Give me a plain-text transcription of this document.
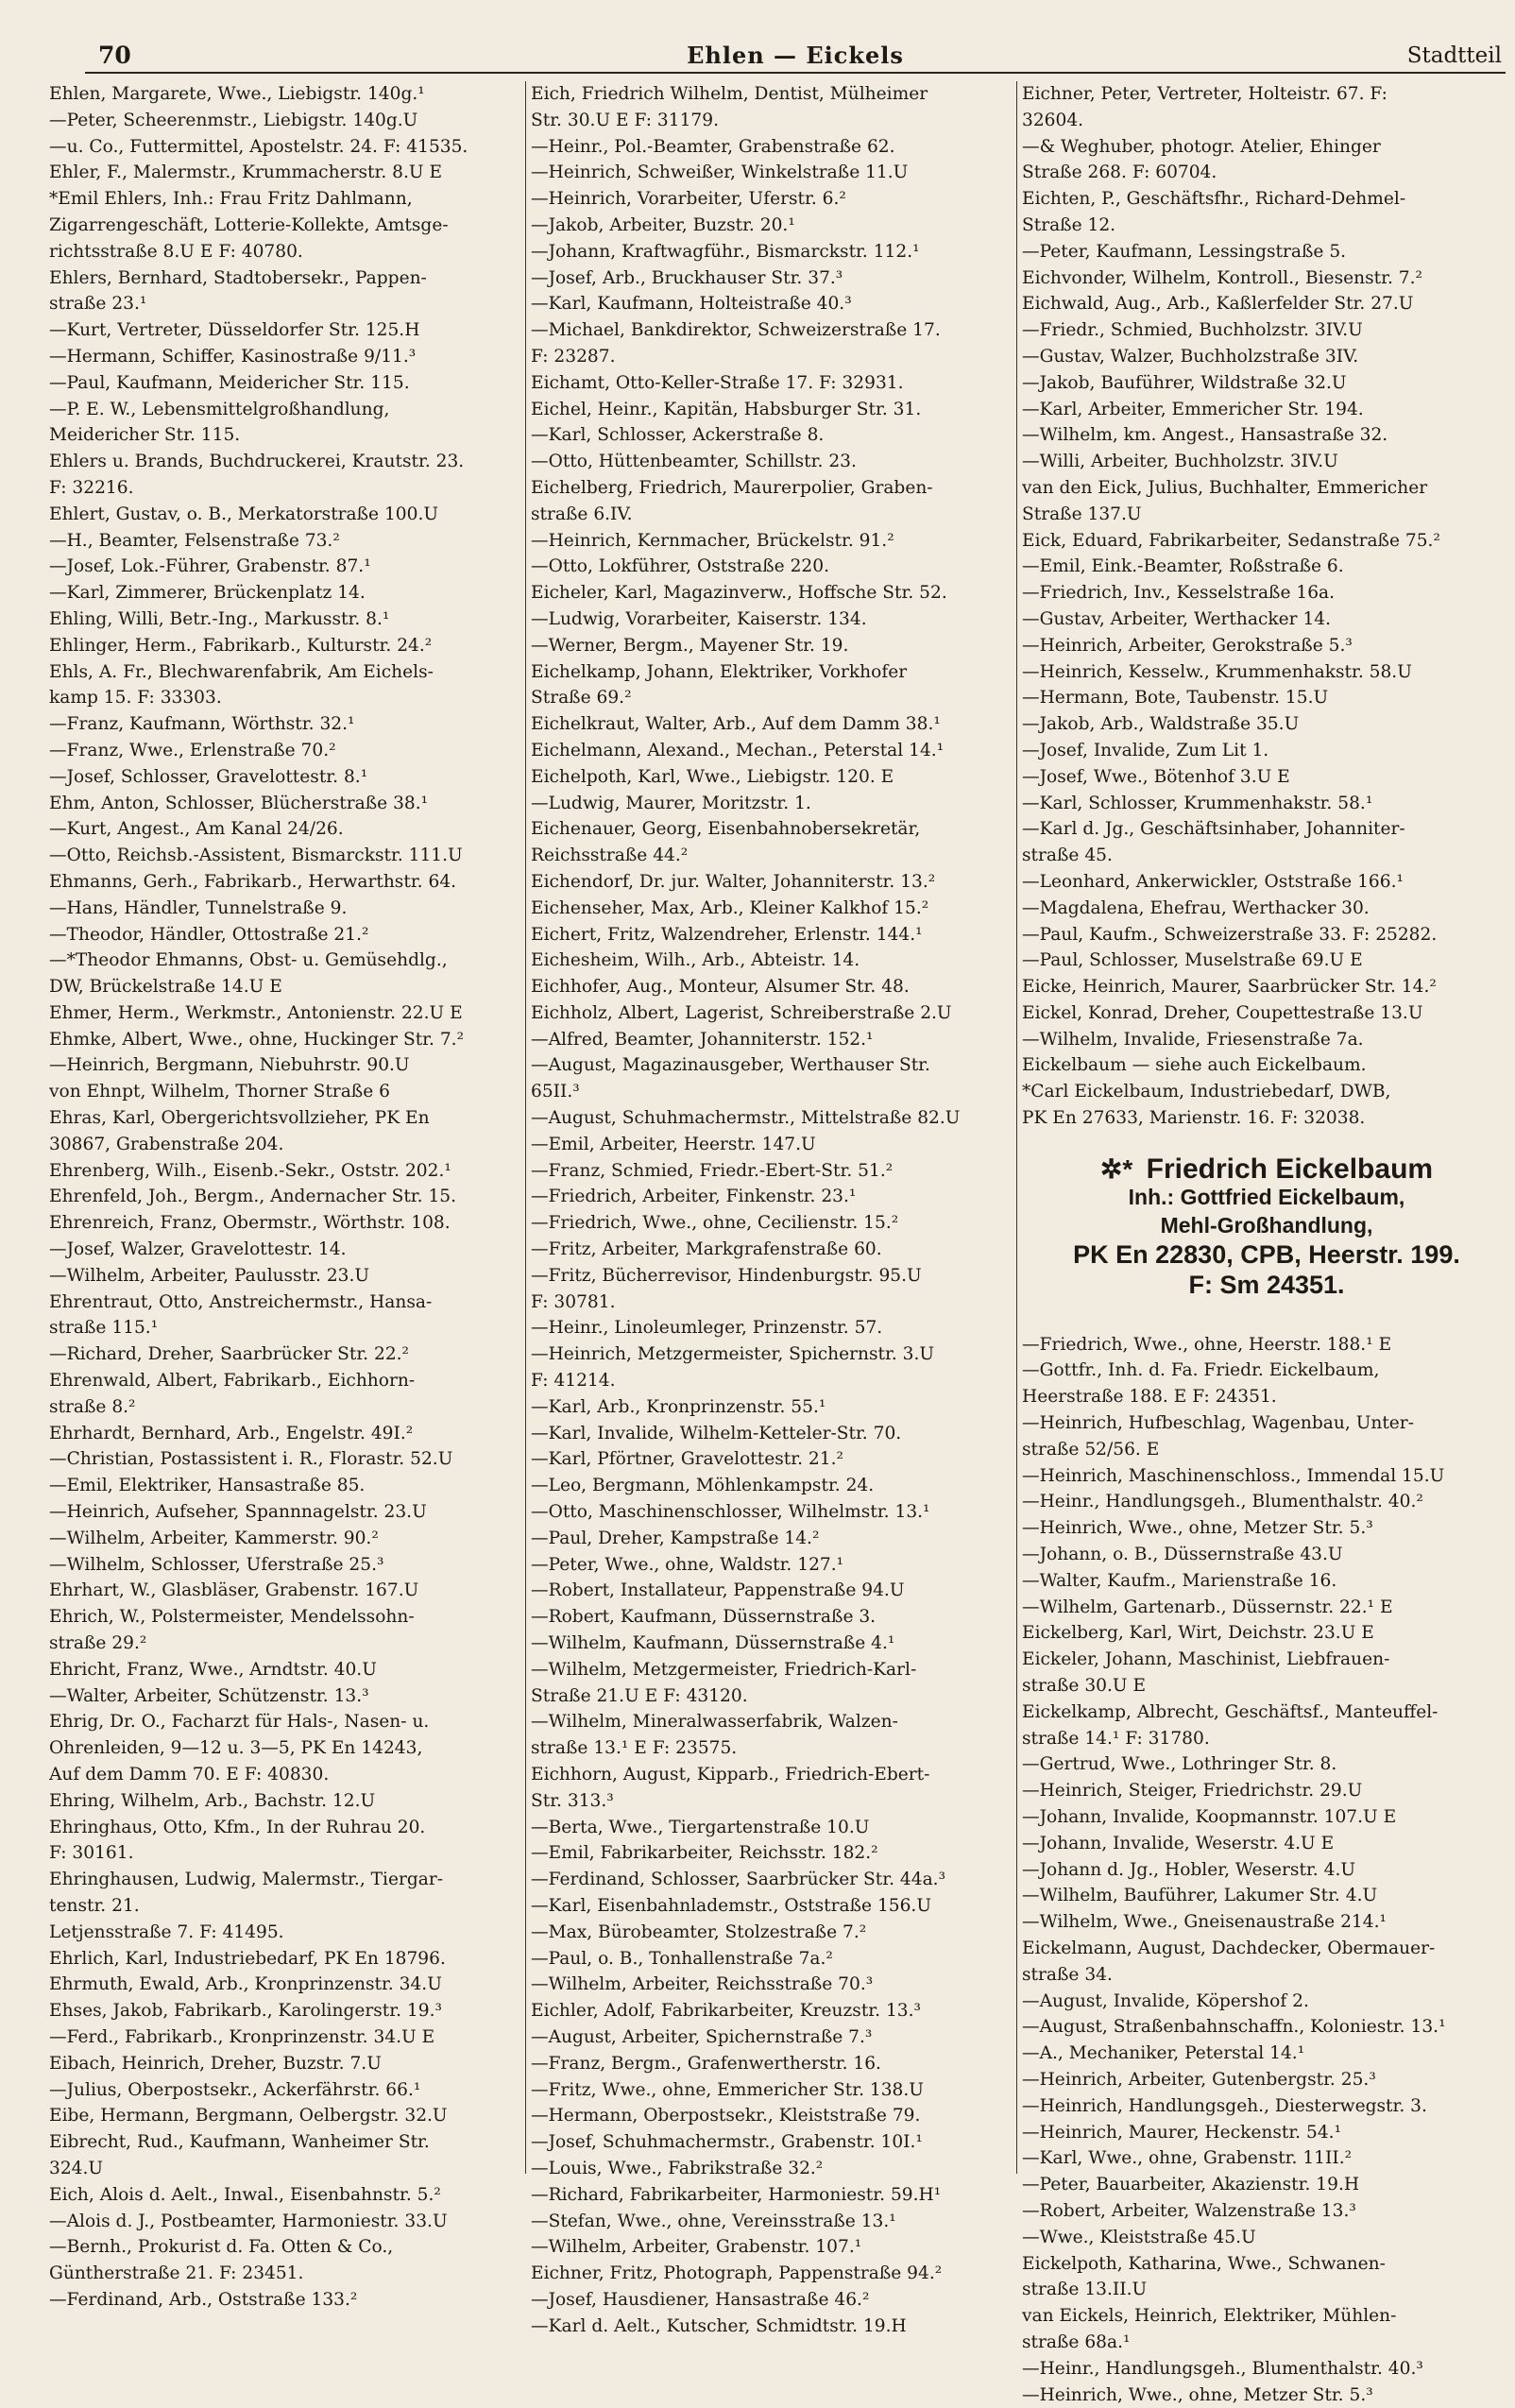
70	Ehlen — Eickels	Stadtteil
Ehlen, Margarete, Wwe., Liebigstr. 140g.¹
—Peter, Scheerenmstr., Liebigstr. 140g.U
—u. Co., Futtermittel, Apostelstr. 24. F: 41535.
Ehler, F., Malermstr., Krummacherstr. 8.U E
*Emil Ehlers, Inh.: Frau Fritz Dahlmann,
Zigarrengeschäft, Lotterie-Kollekte, Amtsge-
richtsstraße 8.U E F: 40780.
Ehlers, Bernhard, Stadtobersekr., Pappen-
straße 23.¹
—Kurt, Vertreter, Düsseldorfer Str. 125.H
—Hermann, Schiffer, Kasinostraße 9/11.³
—Paul, Kaufmann, Meidericher Str. 115.
—P. E. W., Lebensmittelgroßhandlung,
Meidericher Str. 115.
Ehlers u. Brands, Buchdruckerei, Krautstr. 23.
F: 32216.
Ehlert, Gustav, o. B., Merkatorstraße 100.U
—H., Beamter, Felsenstraße 73.²
—Josef, Lok.-Führer, Grabenstr. 87.¹
—Karl, Zimmerer, Brückenplatz 14.
Ehling, Willi, Betr.-Ing., Markusstr. 8.¹
Ehlinger, Herm., Fabrikarb., Kulturstr. 24.²
Ehls, A. Fr., Blechwarenfabrik, Am Eichels-
kamp 15. F: 33303.
—Franz, Kaufmann, Wörthstr. 32.¹
—Franz, Wwe., Erlenstraße 70.²
—Josef, Schlosser, Gravelottestr. 8.¹
Ehm, Anton, Schlosser, Blücherstraße 38.¹
—Kurt, Angest., Am Kanal 24/26.
—Otto, Reichsb.-Assistent, Bismarckstr. 111.U
Ehmanns, Gerh., Fabrikarb., Herwarthstr. 64.
—Hans, Händler, Tunnelstraße 9.
—Theodor, Händler, Ottostraße 21.²
—*Theodor Ehmanns, Obst- u. Gemüsehdlg.,
DW, Brückelstraße 14.U E
Ehmer, Herm., Werkmstr., Antonienstr. 22.U E
Ehmke, Albert, Wwe., ohne, Huckinger Str. 7.²
—Heinrich, Bergmann, Niebuhrstr. 90.U
von Ehnpt, Wilhelm, Thorner Straße 6
Ehras, Karl, Obergerichtsvollzieher, PK En
30867, Grabenstraße 204.
Ehrenberg, Wilh., Eisenb.-Sekr., Oststr. 202.¹
Ehrenfeld, Joh., Bergm., Andernacher Str. 15.
Ehrenreich, Franz, Obermstr., Wörthstr. 108.
—Josef, Walzer, Gravelottestr. 14.
—Wilhelm, Arbeiter, Paulusstr. 23.U
Ehrentraut, Otto, Anstreichermstr., Hansa-
straße 115.¹
—Richard, Dreher, Saarbrücker Str. 22.²
Ehrenwald, Albert, Fabrikarb., Eichhorn-
straße 8.²
Ehrhardt, Bernhard, Arb., Engelstr. 49I.²
—Christian, Postassistent i. R., Florastr. 52.U
—Emil, Elektriker, Hansastraße 85.
—Heinrich, Aufseher, Spannnagelstr. 23.U
—Wilhelm, Arbeiter, Kammerstr. 90.²
—Wilhelm, Schlosser, Uferstraße 25.³
Ehrhart, W., Glasbläser, Grabenstr. 167.U
Ehrich, W., Polstermeister, Mendelssohn-
straße 29.²
Ehricht, Franz, Wwe., Arndtstr. 40.U
—Walter, Arbeiter, Schützenstr. 13.³
Ehrig, Dr. O., Facharzt für Hals-, Nasen- u.
Ohrenleiden, 9—12 u. 3—5, PK En 14243,
Auf dem Damm 70. E F: 40830.
Ehring, Wilhelm, Arb., Bachstr. 12.U
Ehringhaus, Otto, Kfm., In der Ruhrau 20.
F: 30161.
Ehringhausen, Ludwig, Malermstr., Tiergar-
tenstr. 21.
Letjensstraße 7. F: 41495.
Ehrlich, Karl, Industriebedarf, PK En 18796.
Ehrmuth, Ewald, Arb., Kronprinzenstr. 34.U
Ehses, Jakob, Fabrikarb., Karolingerstr. 19.³
—Ferd., Fabrikarb., Kronprinzenstr. 34.U E
Eibach, Heinrich, Dreher, Buzstr. 7.U
—Julius, Oberpostsekr., Ackerfährstr. 66.¹
Eibe, Hermann, Bergmann, Oelbergstr. 32.U
Eibrecht, Rud., Kaufmann, Wanheimer Str.
324.U
Eich, Alois d. Aelt., Inwal., Eisenbahnstr. 5.²
—Alois d. J., Postbeamter, Harmoniestr. 33.U
—Bernh., Prokurist d. Fa. Otten & Co.,
Güntherstraße 21. F: 23451.
—Ferdinand, Arb., Oststraße 133.²
Eich, Friedrich Wilhelm, Dentist, Mülheimer
Str. 30.U E F: 31179.
—Heinr., Pol.-Beamter, Grabenstraße 62.
—Heinrich, Schweißer, Winkelstraße 11.U
—Heinrich, Vorarbeiter, Uferstr. 6.²
—Jakob, Arbeiter, Buzstr. 20.¹
—Johann, Kraftwagführ., Bismarckstr. 112.¹
—Josef, Arb., Bruckhauser Str. 37.³
—Karl, Kaufmann, Holteistraße 40.³
—Michael, Bankdirektor, Schweizerstraße 17.
F: 23287.
Eichamt, Otto-Keller-Straße 17. F: 32931.
Eichel, Heinr., Kapitän, Habsburger Str. 31.
—Karl, Schlosser, Ackerstraße 8.
—Otto, Hüttenbeamter, Schillstr. 23.
Eichelberg, Friedrich, Maurerpolier, Graben-
straße 6.IV.
—Heinrich, Kernmacher, Brückelstr. 91.²
—Otto, Lokführer, Oststraße 220.
Eicheler, Karl, Magazinverw., Hoffsche Str. 52.
—Ludwig, Vorarbeiter, Kaiserstr. 134.
—Werner, Bergm., Mayener Str. 19.
Eichelkamp, Johann, Elektriker, Vorkhofer
Straße 69.²
Eichelkraut, Walter, Arb., Auf dem Damm 38.¹
Eichelmann, Alexand., Mechan., Peterstal 14.¹
Eichelpoth, Karl, Wwe., Liebigstr. 120. E
—Ludwig, Maurer, Moritzstr. 1.
Eichenauer, Georg, Eisenbahnobersekretär,
Reichsstraße 44.²
Eichendorf, Dr. jur. Walter, Johanniterstr. 13.²
Eichenseher, Max, Arb., Kleiner Kalkhof 15.²
Eichert, Fritz, Walzendreher, Erlenstr. 144.¹
Eichesheim, Wilh., Arb., Abteistr. 14.
Eichhofer, Aug., Monteur, Alsumer Str. 48.
Eichholz, Albert, Lagerist, Schreiberstraße 2.U
—Alfred, Beamter, Johanniterstr. 152.¹
—August, Magazinausgeber, Werthauser Str.
65II.³
—August, Schuhmachermstr., Mittelstraße 82.U
—Emil, Arbeiter, Heerstr. 147.U
—Franz, Schmied, Friedr.-Ebert-Str. 51.²
—Friedrich, Arbeiter, Finkenstr. 23.¹
—Friedrich, Wwe., ohne, Cecilienstr. 15.²
—Fritz, Arbeiter, Markgrafenstraße 60.
—Fritz, Bücherrevisor, Hindenburgstr. 95.U
F: 30781.
—Heinr., Linoleumleger, Prinzenstr. 57.
—Heinrich, Metzgermeister, Spichernstr. 3.U
F: 41214.
—Karl, Arb., Kronprinzenstr. 55.¹
—Karl, Invalide, Wilhelm-Ketteler-Str. 70.
—Karl, Pförtner, Gravelottestr. 21.²
—Leo, Bergmann, Möhlenkampstr. 24.
—Otto, Maschinenschlosser, Wilhelmstr. 13.¹
—Paul, Dreher, Kampstraße 14.²
—Peter, Wwe., ohne, Waldstr. 127.¹
—Robert, Installateur, Pappenstraße 94.U
—Robert, Kaufmann, Düssernstraße 3.
—Wilhelm, Kaufmann, Düssernstraße 4.¹
—Wilhelm, Metzgermeister, Friedrich-Karl-
Straße 21.U E F: 43120.
—Wilhelm, Mineralwasserfabrik, Walzen-
straße 13.¹ E F: 23575.
Eichhorn, August, Kipparb., Friedrich-Ebert-
Str. 313.³
—Berta, Wwe., Tiergartenstraße 10.U
—Emil, Fabrikarbeiter, Reichsstr. 182.²
—Ferdinand, Schlosser, Saarbrücker Str. 44a.³
—Karl, Eisenbahnlademstr., Oststraße 156.U
—Max, Bürobeamter, Stolzestraße 7.²
—Paul, o. B., Tonhallenstraße 7a.²
—Wilhelm, Arbeiter, Reichsstraße 70.³
Eichler, Adolf, Fabrikarbeiter, Kreuzstr. 13.³
—August, Arbeiter, Spichernstraße 7.³
—Franz, Bergm., Grafenwertherstr. 16.
—Fritz, Wwe., ohne, Emmericher Str. 138.U
—Hermann, Oberpostsekr., Kleiststraße 79.
—Josef, Schuhmachermstr., Grabenstr. 10I.¹
—Louis, Wwe., Fabrikstraße 32.²
—Richard, Fabrikarbeiter, Harmoniestr. 59.H¹
—Stefan, Wwe., ohne, Vereinsstraße 13.¹
—Wilhelm, Arbeiter, Grabenstr. 107.¹
Eichner, Fritz, Photograph, Pappenstraße 94.²
—Josef, Hausdiener, Hansastraße 46.²
—Karl d. Aelt., Kutscher, Schmidtstr. 19.H
Eichner, Peter, Vertreter, Holteistr. 67. F:
32604.
—& Weghuber, photogr. Atelier, Ehinger
Straße 268. F: 60704.
Eichten, P., Geschäftsfhr., Richard-Dehmel-
Straße 12.
—Peter, Kaufmann, Lessingstraße 5.
Eichvonder, Wilhelm, Kontroll., Biesenstr. 7.²
Eichwald, Aug., Arb., Kaßlerfelder Str. 27.U
—Friedr., Schmied, Buchholzstr. 3IV.U
—Gustav, Walzer, Buchholzstraße 3IV.
—Jakob, Bauführer, Wildstraße 32.U
—Karl, Arbeiter, Emmericher Str. 194.
—Wilhelm, km. Angest., Hansastraße 32.
—Willi, Arbeiter, Buchholzstr. 3IV.U
van den Eick, Julius, Buchhalter, Emmericher
Straße 137.U
Eick, Eduard, Fabrikarbeiter, Sedanstraße 75.²
—Emil, Eink.-Beamter, Roßstraße 6.
—Friedrich, Inv., Kesselstraße 16a.
—Gustav, Arbeiter, Werthacker 14.
—Heinrich, Arbeiter, Gerokstraße 5.³
—Heinrich, Kesselw., Krummenhakstr. 58.U
—Hermann, Bote, Taubenstr. 15.U
—Jakob, Arb., Waldstraße 35.U
—Josef, Invalide, Zum Lit 1.
—Josef, Wwe., Bötenhof 3.U E
—Karl, Schlosser, Krummenhakstr. 58.¹
—Karl d. Jg., Geschäftsinhaber, Johanniter-
straße 45.
—Leonhard, Ankerwickler, Oststraße 166.¹
—Magdalena, Ehefrau, Werthacker 30.
—Paul, Kaufm., Schweizerstraße 33. F: 25282.
—Paul, Schlosser, Muselstraße 69.U E
Eicke, Heinrich, Maurer, Saarbrücker Str. 14.²
Eickel, Konrad, Dreher, Coupettestraße 13.U
—Wilhelm, Invalide, Friesenstraße 7a.
Eickelbaum — siehe auch Eickelbaum.
*Carl Eickelbaum, Industriebedarf, DWB,
PK En 27633, Marienstr. 16. F: 32038.
✲* Friedrich Eickelbaum
Inh.: Gottfried Eickelbaum,
Mehl-Großhandlung,
PK En 22830, CPB, Heerstr. 199.
F: Sm 24351.
—Friedrich, Wwe., ohne, Heerstr. 188.¹ E
—Gottfr., Inh. d. Fa. Friedr. Eickelbaum,
Heerstraße 188. E F: 24351.
—Heinrich, Hufbeschlag, Wagenbau, Unter-
straße 52/56. E
—Heinrich, Maschinenschloss., Immendal 15.U
—Heinr., Handlungsgeh., Blumenthalstr. 40.²
—Heinrich, Wwe., ohne, Metzer Str. 5.³
—Johann, o. B., Düssernstraße 43.U
—Walter, Kaufm., Marienstraße 16.
—Wilhelm, Gartenarb., Düssernstr. 22.¹ E
Eickelberg, Karl, Wirt, Deichstr. 23.U E
Eickeler, Johann, Maschinist, Liebfrauen-
straße 30.U E
Eickelkamp, Albrecht, Geschäftsf., Manteuffel-
straße 14.¹ F: 31780.
—Gertrud, Wwe., Lothringer Str. 8.
—Heinrich, Steiger, Friedrichstr. 29.U
—Johann, Invalide, Koopmannstr. 107.U E
—Johann, Invalide, Weserstr. 4.U E
—Johann d. Jg., Hobler, Weserstr. 4.U
—Wilhelm, Bauführer, Lakumer Str. 4.U
—Wilhelm, Wwe., Gneisenaustraße 214.¹
Eickelmann, August, Dachdecker, Obermauer-
straße 34.
—August, Invalide, Köpershof 2.
—August, Straßenbahnschaffn., Koloniestr. 13.¹
—A., Mechaniker, Peterstal 14.¹
—Heinrich, Arbeiter, Gutenbergstr. 25.³
—Heinrich, Handlungsgeh., Diesterwegstr. 3.
—Heinrich, Maurer, Heckenstr. 54.¹
—Karl, Wwe., ohne, Grabenstr. 11II.²
—Peter, Bauarbeiter, Akazienstr. 19.H
—Robert, Arbeiter, Walzenstraße 13.³
—Wwe., Kleiststraße 45.U
Eickelpoth, Katharina, Wwe., Schwanen-
straße 13.II.U
van Eickels, Heinrich, Elektriker, Mühlen-
straße 68a.¹
—Heinr., Handlungsgeh., Blumenthalstr. 40.³
—Heinrich, Wwe., ohne, Metzer Str. 5.³
